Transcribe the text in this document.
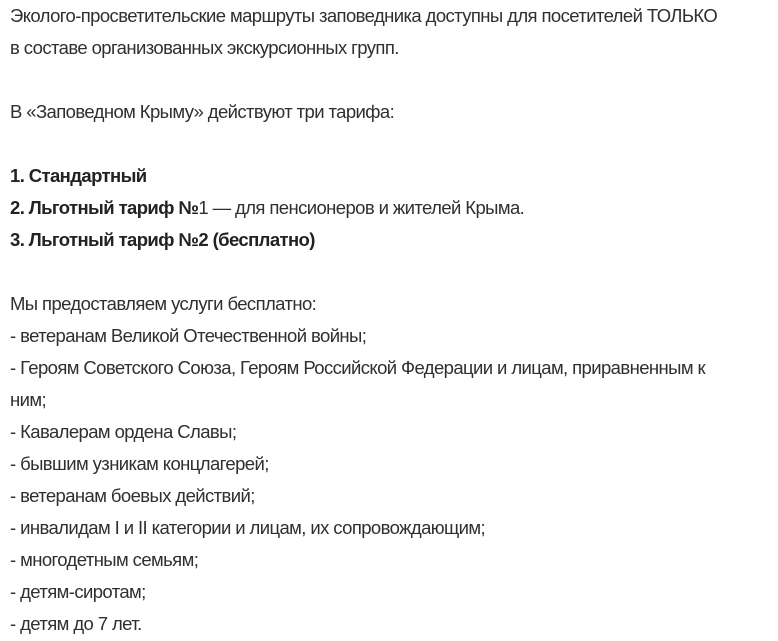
Эколого-просветительские маршруты заповедника доступны для посетителей ТОЛЬКО
в составе организованных экскурсионных групп.
В «Заповедном Крыму» действуют три тарифа:
1. Стандартный
2. Льготный тариф №1 — для пенсионеров и жителей Крыма.
3. Льготный тариф №2 (бесплатно)
Мы предоставляем услуги бесплатно:
- ветеранам Великой Отечественной войны;
- Героям Советского Союза, Героям Российской Федерации и лицам, приравненным к
ним;
- Кавалерам ордена Славы;
- бывшим узникам концлагерей;
- ветеранам боевых действий;
- инвалидам I и II категории и лицам, их сопровождающим;
- многодетным семьям;
- детям-сиротам;
- детям до 7 лет.
